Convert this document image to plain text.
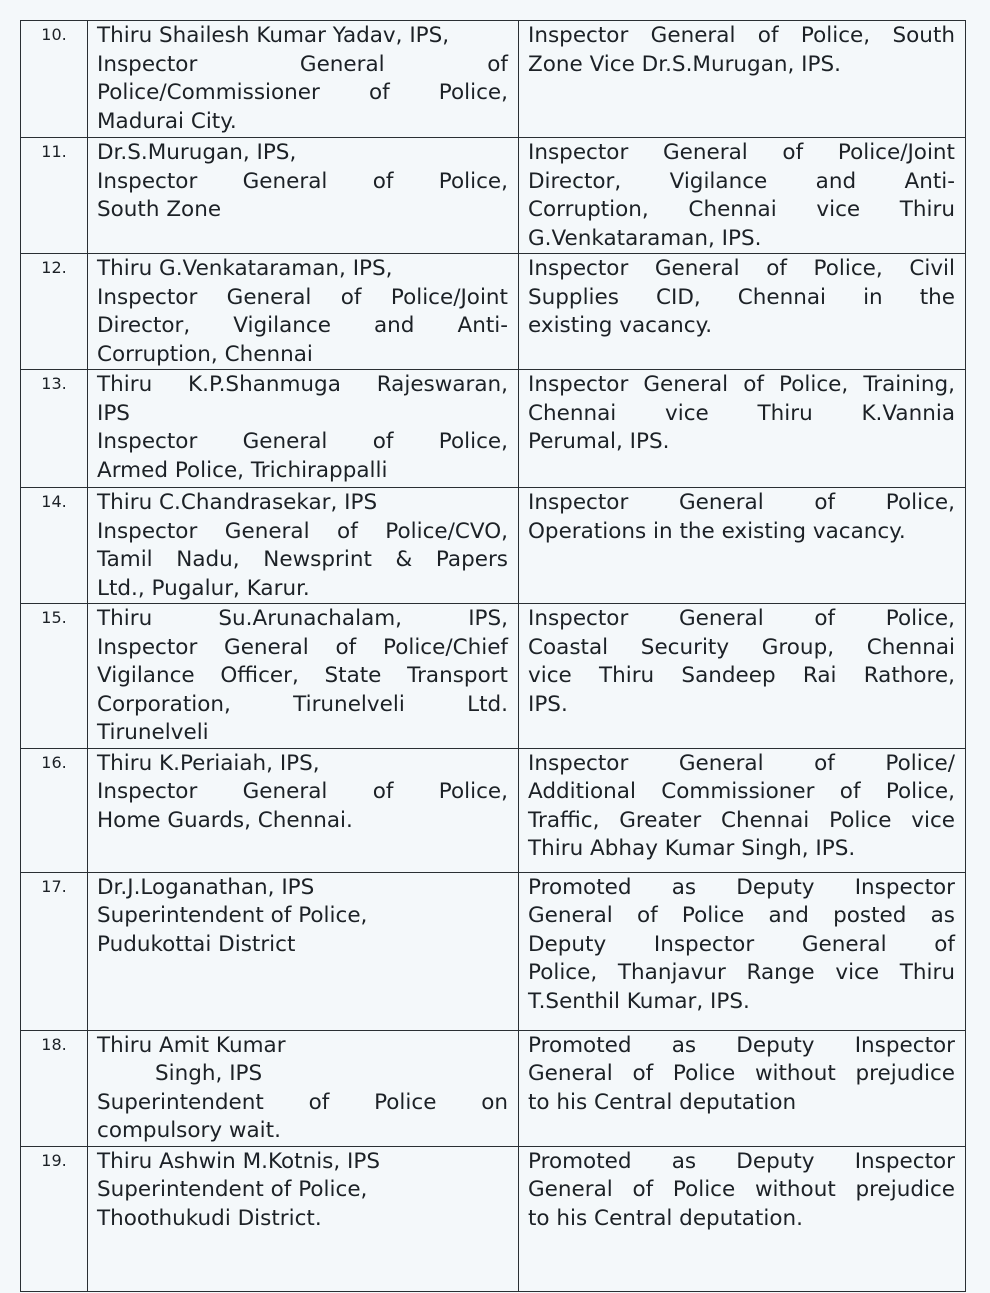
10.	Thiru Shailesh Kumar Yadav, IPS,
Inspector General of
Police/Commissioner of Police,
Madurai City.	Inspector General of Police, South
Zone Vice Dr.S.Murugan, IPS.

11.	Dr.S.Murugan, IPS,
Inspector General of Police,
South Zone	Inspector General of Police/Joint
Director, Vigilance and Anti-
Corruption, Chennai vice Thiru
G.Venkataraman, IPS.

12.	Thiru G.Venkataraman, IPS,
Inspector General of Police/Joint
Director, Vigilance and Anti-
Corruption, Chennai	Inspector General of Police, Civil
Supplies CID, Chennai in the
existing vacancy.

13.	Thiru K.P.Shanmuga Rajeswaran,
IPS
Inspector General of Police,
Armed Police, Trichirappalli	Inspector General of Police, Training,
Chennai vice Thiru K.Vannia
Perumal, IPS.

14.	Thiru C.Chandrasekar, IPS
Inspector General of Police/CVO,
Tamil Nadu, Newsprint & Papers
Ltd., Pugalur, Karur.	Inspector General of Police,
Operations in the existing vacancy.

15.	Thiru Su.Arunachalam, IPS,
Inspector General of Police/Chief
Vigilance Officer, State Transport
Corporation, Tirunelveli Ltd.
Tirunelveli	Inspector General of Police,
Coastal Security Group, Chennai
vice Thiru Sandeep Rai Rathore,
IPS.

16.	Thiru K.Periaiah, IPS,
Inspector General of Police,
Home Guards, Chennai.	Inspector General of Police/
Additional Commissioner of Police,
Traffic, Greater Chennai Police vice
Thiru Abhay Kumar Singh, IPS.

17.	Dr.J.Loganathan, IPS
Superintendent of Police,
Pudukottai District	Promoted as Deputy Inspector
General of Police and posted as
Deputy Inspector General of
Police, Thanjavur Range vice Thiru
T.Senthil Kumar, IPS.

18.	Thiru Amit Kumar
Singh, IPS
Superintendent of Police on
compulsory wait.	Promoted as Deputy Inspector
General of Police without prejudice
to his Central deputation

19.	Thiru Ashwin M.Kotnis, IPS
Superintendent of Police,
Thoothukudi District.	Promoted as Deputy Inspector
General of Police without prejudice
to his Central deputation.
